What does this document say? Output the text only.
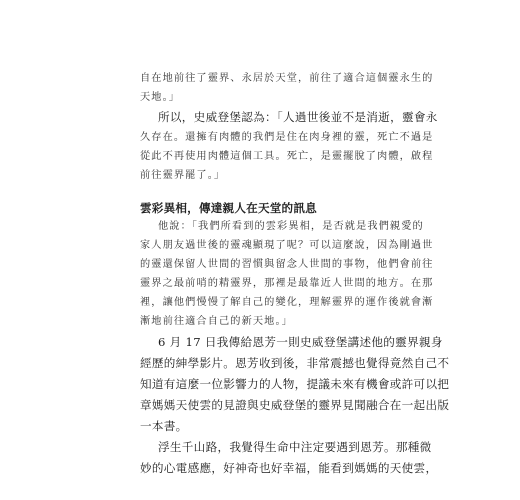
自在地前往了靈界、永居於天堂，前往了適合這個靈永生的
天地。」
所以，史威登堡認為：「人過世後並不是消逝，靈會永
久存在。還擁有肉體的我們是住在肉身裡的靈，死亡不過是
從此不再使用肉體這個工具。死亡，是靈擺脫了肉體，啟程
前往靈界罷了。」
雲彩異相，傳達親人在天堂的訊息
他說：「我們所看到的雲彩異相，是否就是我們親愛的
家人朋友過世後的靈魂顯現了呢？可以這麼說，因為剛過世
的靈還保留人世間的習慣與留念人世間的事物，他們會前往
靈界之最前哨的精靈界，那裡是最靠近人世間的地方。在那
裡，讓他們慢慢了解自己的變化，理解靈界的運作後就會漸
漸地前往適合自己的新天地。」
6 月 17 日我傳給恩芳一則史威登堡講述他的靈界親身
經歷的紳學影片。恩芳收到後，非常震撼也覺得竟然自己不
知道有這麼一位影響力的人物，提議未來有機會或許可以把
章媽媽天使雲的見證與史威登堡的靈界見聞融合在一起出版
一本書。
浮生千山路，我覺得生命中注定要遇到恩芳。那種微
妙的心電感應，好神奇也好幸福，能看到媽媽的天使雲，
